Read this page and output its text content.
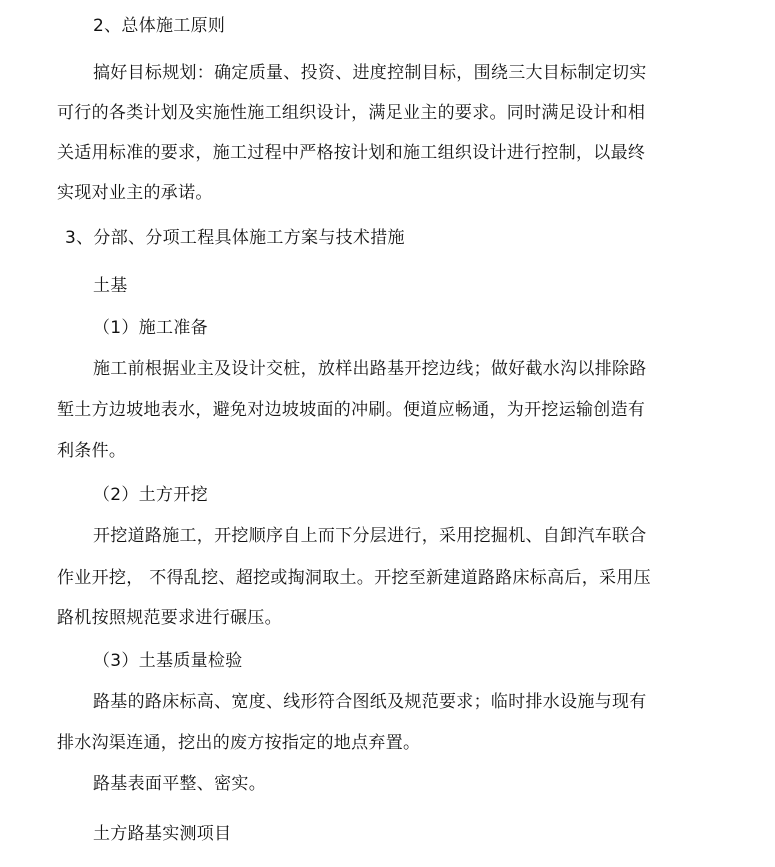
2、总体施工原则
搞好目标规划：确定质量、投资、进度控制目标，围绕三大目标制定切实
可行的各类计划及实施性施工组织设计，满足业主的要求。同时满足设计和相
关适用标准的要求，施工过程中严格按计划和施工组织设计进行控制，以最终
实现对业主的承诺。
3、分部、分项工程具体施工方案与技术措施
土基
（1）施工准备
施工前根据业主及设计交桩，放样出路基开挖边线；做好截水沟以排除路
堑土方边坡地表水，避免对边坡坡面的冲刷。便道应畅通，为开挖运输创造有
利条件。
（2）土方开挖
开挖道路施工，开挖顺序自上而下分层进行，采用挖掘机、自卸汽车联合
作业开挖， 不得乱挖、超挖或掏洞取土。开挖至新建道路路床标高后，采用压
路机按照规范要求进行碾压。
（3）土基质量检验
路基的路床标高、宽度、线形符合图纸及规范要求；临时排水设施与现有
排水沟渠连通，挖出的废方按指定的地点弃置。
路基表面平整、密实。
土方路基实测项目
